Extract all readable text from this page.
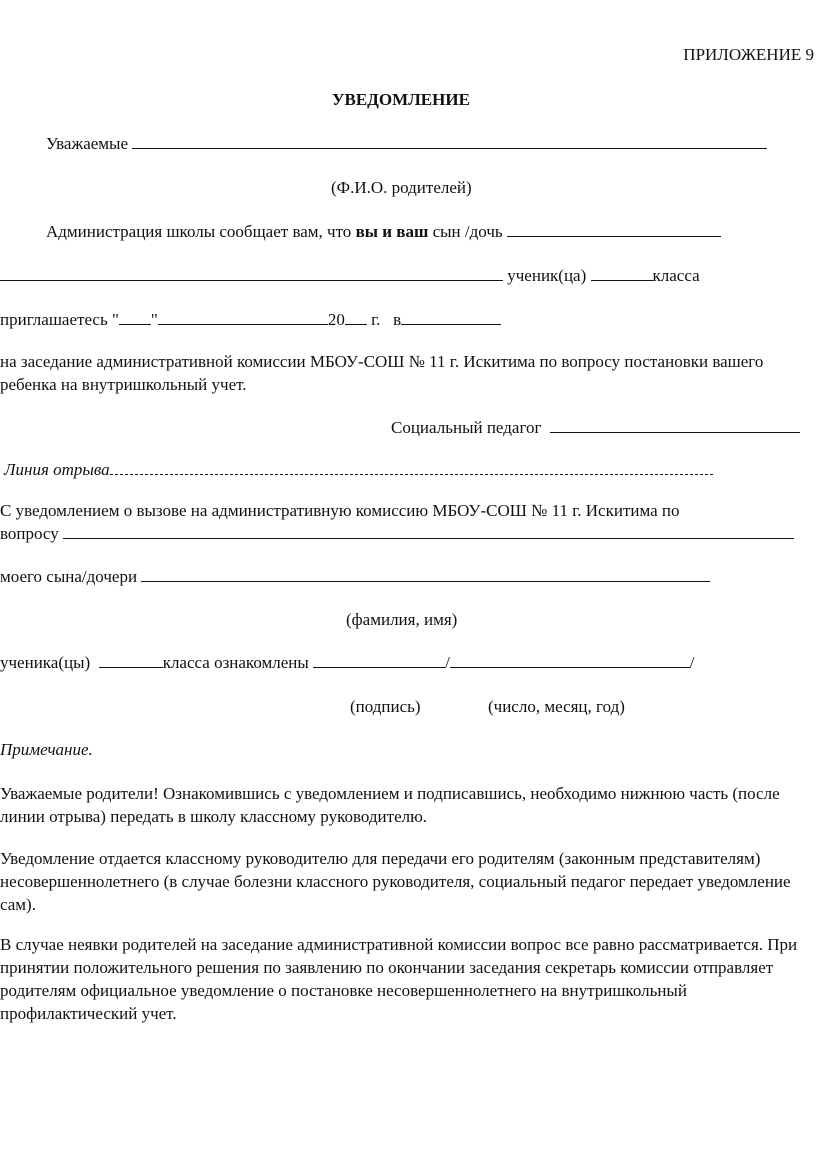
ПРИЛОЖЕНИЕ 9
УВЕДОМЛЕНИЕ
Уважаемые
(Ф.И.О. родителей)
Администрация школы сообщает вам, что вы и ваш сын /дочь
ученик(ца)	класса
приглашаетесь " "	20 г. в
на заседание административной комиссии МБОУ-СОШ № 11 г. Искитима по вопросу постановки вашего ребенка на внутришкольный учет.
Социальный педагог
Линия отрыва
С уведомлением о вызове на административную комиссию МБОУ-СОШ № 11 г. Искитима по
вопросу
моего сына/дочери
(фамилия, имя)
ученика(цы)	класса ознакомлены	/	/
(подпись)	(число, месяц, год)
Примечание.
Уважаемые родители! Ознакомившись с уведомлением и подписавшись, необходимо нижнюю часть (после линии отрыва) передать в школу классному руководителю.
Уведомление отдается классному руководителю для передачи его родителям (законным представителям) несовершеннолетнего (в случае болезни классного руководителя, социальный педагог передает уведомление сам).
В случае неявки родителей на заседание административной комиссии вопрос все равно рассматривается. При принятии положительного решения по заявлению по окончании заседания секретарь комиссии отправляет родителям официальное уведомление о постановке несовершеннолетнего на внутришкольный профилактический учет.
